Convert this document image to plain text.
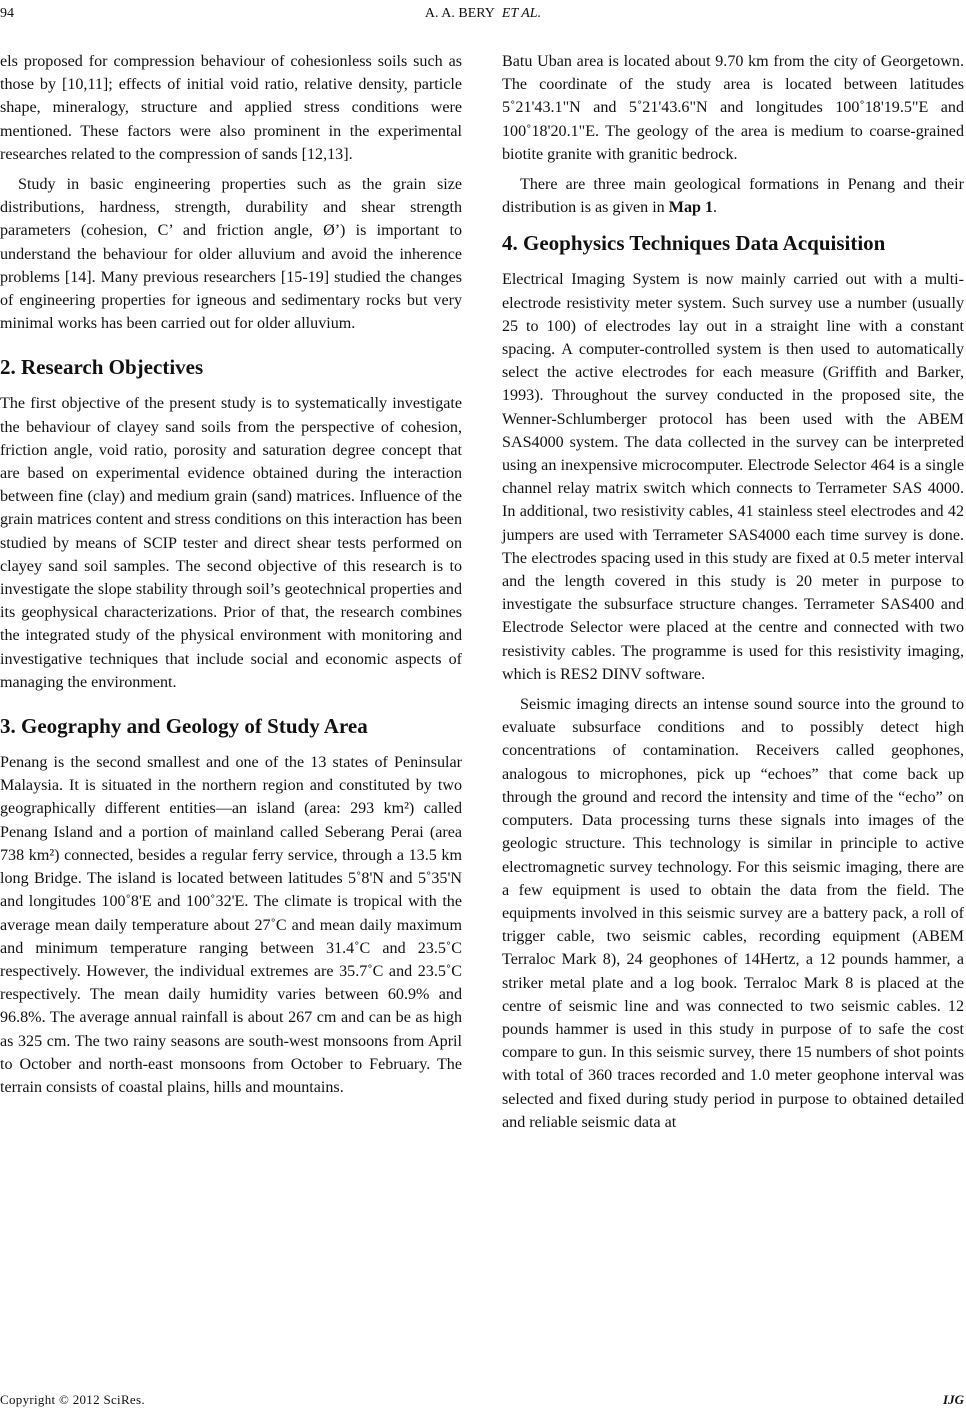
94	A. A. BERY ET AL.

els proposed for compression behaviour of cohesionless soils such as those by [10,11]; effects of initial void ratio, relative density, particle shape, mineralogy, structure and applied stress conditions were mentioned. These factors were also prominent in the experimental researches related to the compression of sands [12,13].

Study in basic engineering properties such as the grain size distributions, hardness, strength, durability and shear strength parameters (cohesion, C’ and friction angle, Ø’) is important to understand the behaviour for older alluvium and avoid the inherence problems [14]. Many previous researchers [15-19] studied the changes of engineering properties for igneous and sedimentary rocks but very minimal works has been carried out for older alluvium.

2. Research Objectives

The first objective of the present study is to systematically investigate the behaviour of clayey sand soils from the perspective of cohesion, friction angle, void ratio, porosity and saturation degree concept that are based on experimental evidence obtained during the interaction between fine (clay) and medium grain (sand) matrices. Influence of the grain matrices content and stress conditions on this interaction has been studied by means of SCIP tester and direct shear tests performed on clayey sand soil samples. The second objective of this research is to investigate the slope stability through soil’s geotechnical properties and its geophysical characterizations. Prior of that, the research combines the integrated study of the physical environment with monitoring and investigative techniques that include social and economic aspects of managing the environment.

3. Geography and Geology of Study Area

Penang is the second smallest and one of the 13 states of Peninsular Malaysia. It is situated in the northern region and constituted by two geographically different entities—an island (area: 293 km²) called Penang Island and a portion of mainland called Seberang Perai (area 738 km²) connected, besides a regular ferry service, through a 13.5 km long Bridge. The island is located between latitudes 5˚8'N and 5˚35'N and longitudes 100˚8'E and 100˚32'E. The climate is tropical with the average mean daily temperature about 27˚C and mean daily maximum and minimum temperature ranging between 31.4˚C and 23.5˚C respectively. However, the individual extremes are 35.7˚C and 23.5˚C respectively. The mean daily humidity varies between 60.9% and 96.8%. The average annual rainfall is about 267 cm and can be as high as 325 cm. The two rainy seasons are south-west monsoons from April to October and north-east monsoons from October to February. The terrain consists of coastal plains, hills and mountains.

Batu Uban area is located about 9.70 km from the city of Georgetown. The coordinate of the study area is located between latitudes 5˚21'43.1"N and 5˚21'43.6"N and longitudes 100˚18'19.5"E and 100˚18'20.1"E. The geology of the area is medium to coarse-grained biotite granite with granitic bedrock.

There are three main geological formations in Penang and their distribution is as given in Map 1.

4. Geophysics Techniques Data Acquisition

Electrical Imaging System is now mainly carried out with a multi-electrode resistivity meter system. Such survey use a number (usually 25 to 100) of electrodes lay out in a straight line with a constant spacing. A computer-controlled system is then used to automatically select the active electrodes for each measure (Griffith and Barker, 1993). Throughout the survey conducted in the proposed site, the Wenner-Schlumberger protocol has been used with the ABEM SAS4000 system. The data collected in the survey can be interpreted using an inexpensive microcomputer. Electrode Selector 464 is a single channel relay matrix switch which connects to Terrameter SAS 4000. In additional, two resistivity cables, 41 stainless steel electrodes and 42 jumpers are used with Terrameter SAS4000 each time survey is done. The electrodes spacing used in this study are fixed at 0.5 meter interval and the length covered in this study is 20 meter in purpose to investigate the subsurface structure changes. Terrameter SAS400 and Electrode Selector were placed at the centre and connected with two resistivity cables. The programme is used for this resistivity imaging, which is RES2 DINV software.

Seismic imaging directs an intense sound source into the ground to evaluate subsurface conditions and to possibly detect high concentrations of contamination. Receivers called geophones, analogous to microphones, pick up “echoes” that come back up through the ground and record the intensity and time of the “echo” on computers. Data processing turns these signals into images of the geologic structure. This technology is similar in principle to active electromagnetic survey technology. For this seismic imaging, there are a few equipment is used to obtain the data from the field. The equipments involved in this seismic survey are a battery pack, a roll of trigger cable, two seismic cables, recording equipment (ABEM Terraloc Mark 8), 24 geophones of 14Hertz, a 12 pounds hammer, a striker metal plate and a log book. Terraloc Mark 8 is placed at the centre of seismic line and was connected to two seismic cables. 12 pounds hammer is used in this study in purpose of to safe the cost compare to gun. In this seismic survey, there 15 numbers of shot points with total of 360 traces recorded and 1.0 meter geophone interval was selected and fixed during study period in purpose to obtained detailed and reliable seismic data at

Copyright © 2012 SciRes.	IJG
